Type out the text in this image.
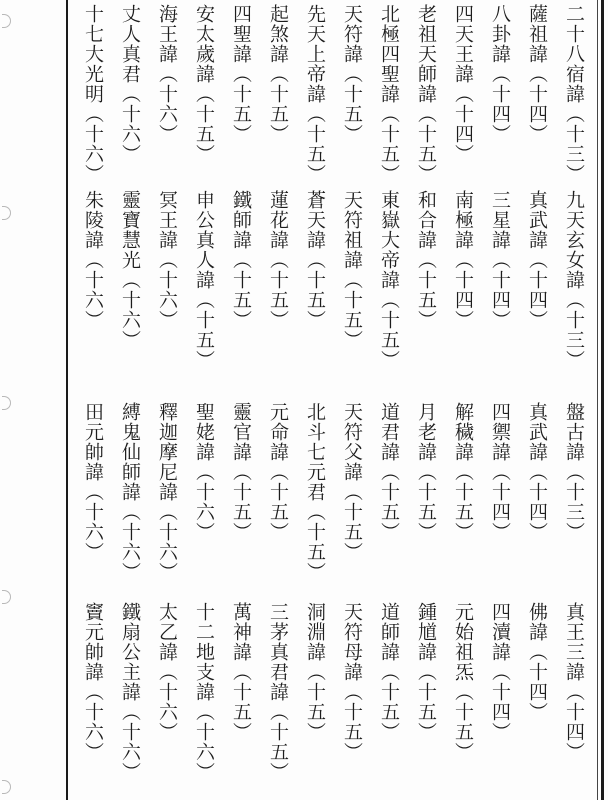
二十八宿諱（十三）
九天玄女諱（十三）
盤古諱（十三）
真王三諱（十四）
薩祖諱（十四）
真武諱（十四）
真武諱（十四）
佛諱（十四）
八卦諱（十四）
三星諱（十四）
四禦諱（十四）
四瀆諱（十四）
四天王諱（十四）
南極諱（十四）
解穢諱（十五）
元始祖炁（十五）
老祖天師諱（十五）
和合諱（十五）
月老諱（十五）
鍾馗諱（十五）
北極四聖諱（十五）
東嶽大帝諱（十五）
道君諱（十五）
道師諱（十五）
天符諱（十五）
天符祖諱（十五）
天符父諱（十五）
天符母諱（十五）
先天上帝諱（十五）
蒼天諱（十五）
北斗七元君（十五）
洞淵諱（十五）
起煞諱（十五）
蓮花諱（十五）
元命諱（十五）
三茅真君諱（十五）
四聖諱（十五）
鐵師諱（十五）
靈官諱（十五）
萬神諱（十五）
安太歲諱（十五）
申公真人諱（十五）
聖姥諱（十六）
十二地支諱（十六）
海王諱（十六）
冥王諱（十六）
釋迦摩尼諱（十六）
太乙諱（十六）
丈人真君（十六）
靈寶慧光（十六）
縛鬼仙師諱（十六）
鐵扇公主諱（十六）
十七大光明（十六）
朱陵諱（十六）
田元帥諱（十六）
竇元帥諱（十六）
